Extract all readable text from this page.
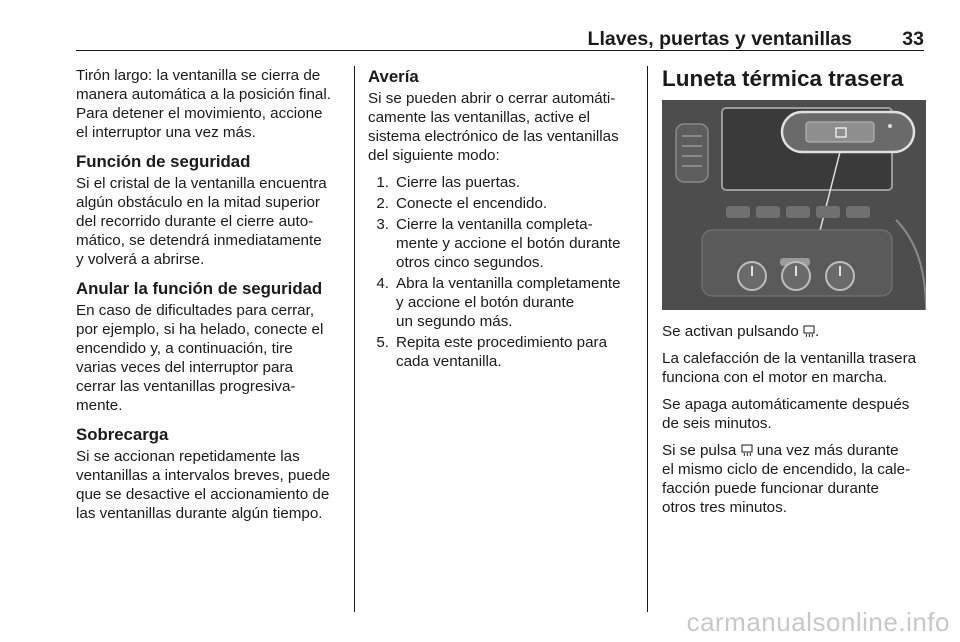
Llaves, puertas y ventanillas	33
Tirón largo: la ventanilla se cierra de
manera automática a la posición final.
Para detener el movimiento, accione
el interruptor una vez más.
Función de seguridad
Si el cristal de la ventanilla encuentra
algún obstáculo en la mitad superior
del recorrido durante el cierre auto-
mático, se detendrá inmediatamente
y volverá a abrirse.
Anular la función de seguridad
En caso de dificultades para cerrar,
por ejemplo, si ha helado, conecte el
encendido y, a continuación, tire
varias veces del interruptor para
cerrar las ventanillas progresiva-
mente.
Sobrecarga
Si se accionan repetidamente las
ventanillas a intervalos breves, puede
que se desactive el accionamiento de
las ventanillas durante algún tiempo.
Avería
Si se pueden abrir o cerrar automáti-
camente las ventanillas, active el
sistema electrónico de las ventanillas
del siguiente modo:
1. Cierre las puertas.
2. Conecte el encendido.
3. Cierre la ventanilla completa-
mente y accione el botón durante
otros cinco segundos.
4. Abra la ventanilla completamente
y accione el botón durante
un segundo más.
5. Repita este procedimiento para
cada ventanilla.
Luneta térmica trasera
Se activan pulsando .
La calefacción de la ventanilla trasera
funciona con el motor en marcha.
Se apaga automáticamente después
de seis minutos.
Si se pulsa  una vez más durante
el mismo ciclo de encendido, la cale-
facción puede funcionar durante
otros tres minutos.
carmanualsonline.info
